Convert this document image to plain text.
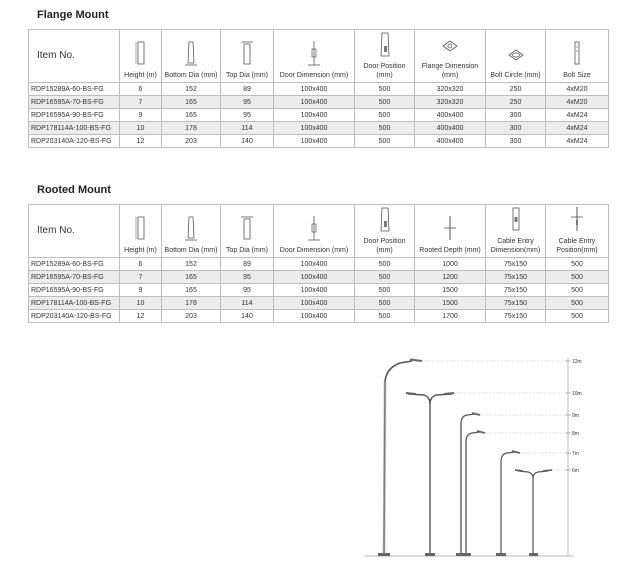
Flange Mount
Item No.	Height (m)	Bottom Dia (mm)	Top Dia (mm)	Door Dimension (mm)	Door Position (mm)	Flange Dimension (mm)	Bolt Circle (mm)	Bolt Size

RDP15289A-60-BS-FG	6	152	89	100x400	500	320x320	250	4xM20
RDP16595A-70-BS-FG	7	165	95	100x400	500	320x320	250	4xM20
RDP16595A-90-BS-FG	9	165	95	100x400	500	400x400	300	4xM24
RDP178114A-100-BS-FG	10	178	114	100x400	500	400x400	300	4xM24
RDP203140A-120-BS-FG	12	203	140	100x400	500	400x400	300	4xM24
Rooted Mount
Item No.	Height (m)	Bottom Dia (mm)	Top Dia (mm)	Door Dimension (mm)	Door Position (mm)	Rooted Depth (mm)	Cable Entry Dimension(mm)	Cable Entry Position(mm)

RDP15289A-60-BS-FG	6	152	89	100x400	500	1000	75x150	500
RDP16595A-70-BS-FG	7	165	95	100x400	500	1200	75x150	500
RDP16595A-90-BS-FG	9	165	95	100x400	500	1500	75x150	500
RDP178114A-100-BS-FG	10	178	114	100x400	500	1500	75x150	500
RDP203140A-120-BS-FG	12	203	140	100x400	500	1700	75x150	500
12m
10m
9m
8m
7m
6m
